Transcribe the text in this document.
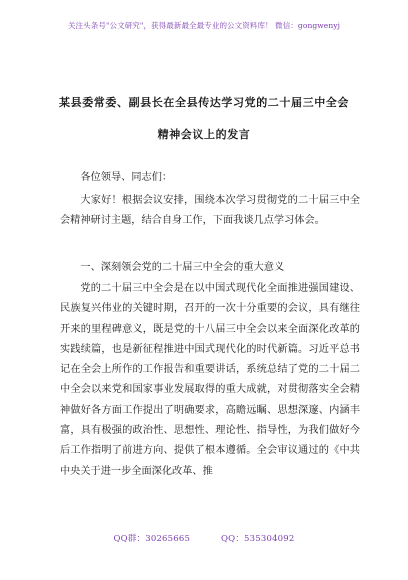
关注头条号"公文研究"，获得最新最全最专业的公文资料库！ 微信：gongwenyj
某县委常委、副县长在全县传达学习党的二十届三中全会
精神会议上的发言
各位领导、同志们：
大家好！根据会议安排，围绕本次学习贯彻党的二十届三中全会精神研讨主题，结合自身工作，下面我谈几点学习体会。
一、深刻领会党的二十届三中全会的重大意义
党的二十届三中全会是在以中国式现代化全面推进强国建设、民族复兴伟业的关键时期，召开的一次十分重要的会议，具有继往开来的里程碑意义，既是党的十八届三中全会以来全面深化改革的实践续篇，也是新征程推进中国式现代化的时代新篇。习近平总书记在全会上所作的工作报告和重要讲话，系统总结了党的二十届二中全会以来党和国家事业发展取得的重大成就，对贯彻落实全会精神做好各方面工作提出了明确要求，高瞻远瞩、思想深邃、内涵丰富，具有极强的政治性、思想性、理论性、指导性，为我们做好今后工作指明了前进方向、提供了根本遵循。全会审议通过的《中共中央关于进一步全面深化改革、推
QQ群：30265665	QQ：535304092
